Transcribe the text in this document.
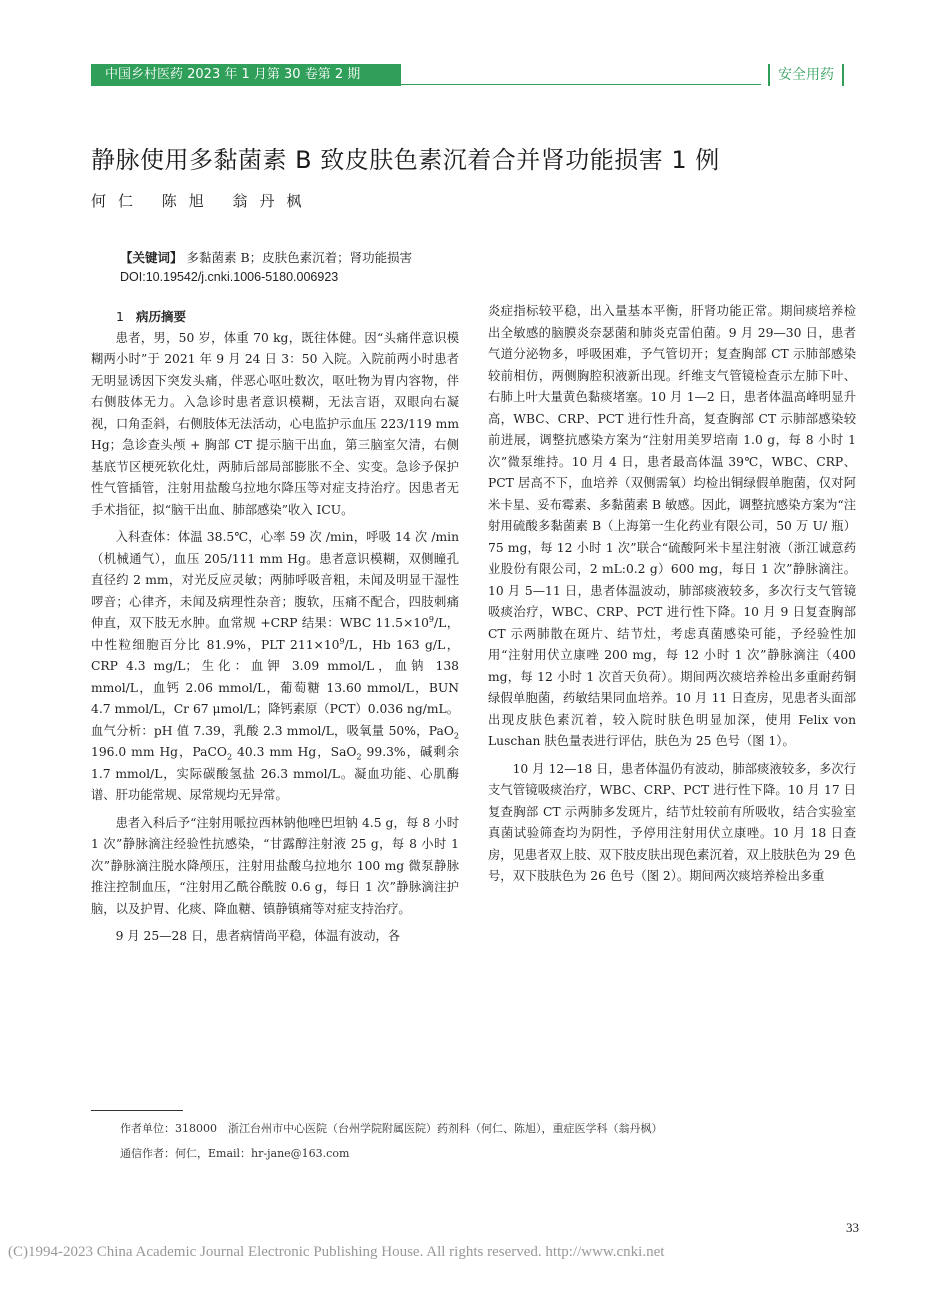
中国乡村医药 2023 年 1 月第 30 卷第 2 期	安全用药
静脉使用多黏菌素 B 致皮肤色素沉着合并肾功能损害 1 例
何仁 陈旭 翁丹枫
【关键词】 多黏菌素 B；皮肤色素沉着；肾功能损害
DOI:10.19542/j.cnki.1006-5180.006923

1 病历摘要

患者，男，50 岁，体重 70 kg，既往体健。因“头痛伴意识模糊两小时”于 2021 年 9 月 24 日 3：50 入院。入院前两小时患者无明显诱因下突发头痛，伴恶心呕吐数次，呕吐物为胃内容物，伴右侧肢体无力。入急诊时患者意识模糊，无法言语，双眼向右凝视，口角歪斜，右侧肢体无法活动，心电监护示血压 223/119 mm Hg；急诊查头颅 + 胸部 CT 提示脑干出血，第三脑室欠清，右侧基底节区梗死软化灶，两肺后部局部膨胀不全、实变。急诊予保护性气管插管，注射用盐酸乌拉地尔降压等对症支持治疗。因患者无手术指征，拟“脑干出血、肺部感染”收入 ICU。

入科查体：体温 38.5℃，心率 59 次 /min，呼吸 14 次 /min（机械通气），血压 205/111 mm Hg。患者意识模糊，双侧瞳孔直径约 2 mm，对光反应灵敏；两肺呼吸音粗，未闻及明显干湿性啰音；心律齐，未闻及病理性杂音；腹软，压痛不配合，四肢刺痛伸直，双下肢无水肿。血常规 +CRP 结果：WBC $11.5\times 10^9/L$，中性粒细胞百分比 81.9%，PLT $211\times 10^9/L$，Hb 163 g/L，CRP 4.3 mg/L；生化：血钾 3.09 mmol/L，血钠 138 mmol/L，血钙 2.06 mmol/L，葡萄糖 13.60 mmol/L，BUN 4.7 mmol/L，Cr 67 μmol/L；降钙素原（PCT）0.036 ng/mL。血气分析：pH 值 7.39，乳酸 2.3 mmol/L，吸氧量 50%，PaO$_2$ 196.0 mm Hg，PaCO$_2$ 40.3 mm Hg，SaO$_2$ 99.3%，碱剩余 1.7 mmol/L，实际碳酸氢盐 26.3 mmol/L。凝血功能、心肌酶谱、肝功能常规、尿常规均无异常。

患者入科后予“注射用哌拉西林钠他唑巴坦钠 4.5 g，每 8 小时 1 次”静脉滴注经验性抗感染，“甘露醇注射液 25 g，每 8 小时 1 次”静脉滴注脱水降颅压，注射用盐酸乌拉地尔 100 mg 微泵静脉推注控制血压，“注射用乙酰谷酰胺 0.6 g，每日 1 次”静脉滴注护脑，以及护胃、化痰、降血糖、镇静镇痛等对症支持治疗。

9 月 25—28 日，患者病情尚平稳，体温有波动，各

炎症指标较平稳，出入量基本平衡，肝肾功能正常。期间痰培养检出全敏感的脑膜炎奈瑟菌和肺炎克雷伯菌。9 月 29—30 日，患者气道分泌物多，呼吸困难，予气管切开；复查胸部 CT 示肺部感染较前相仿，两侧胸腔积液新出现。纤维支气管镜检查示左肺下叶、右肺上叶大量黄色黏痰堵塞。10 月 1—2 日，患者体温高峰明显升高，WBC、CRP、PCT 进行性升高，复查胸部 CT 示肺部感染较前进展，调整抗感染方案为“注射用美罗培南 1.0 g，每 8 小时 1 次”微泵维持。10 月 4 日，患者最高体温 39℃，WBC、CRP、PCT 居高不下，血培养（双侧需氧）均检出铜绿假单胞菌，仅对阿米卡星、妥布霉素、多黏菌素 B 敏感。因此，调整抗感染方案为“注射用硫酸多黏菌素 B（上海第一生化药业有限公司，50 万 U/ 瓶）75 mg，每 12 小时 1 次”联合“硫酸阿米卡星注射液（浙江诚意药业股份有限公司，2 mL:0.2 g）600 mg，每日 1 次”静脉滴注。10 月 5—11 日，患者体温波动，肺部痰液较多，多次行支气管镜吸痰治疗，WBC、CRP、PCT 进行性下降。10 月 9 日复查胸部 CT 示两肺散在斑片、结节灶，考虑真菌感染可能，予经验性加用“注射用伏立康唑 200 mg，每 12 小时 1 次”静脉滴注（400 mg，每 12 小时 1 次首天负荷）。期间两次痰培养检出多重耐药铜绿假单胞菌，药敏结果同血培养。10 月 11 日查房，见患者头面部出现皮肤色素沉着，较入院时肤色明显加深，使用 Felix von Luschan 肤色量表进行评估，肤色为 25 色号（图 1）。

10 月 12—18 日，患者体温仍有波动，肺部痰液较多，多次行支气管镜吸痰治疗，WBC、CRP、PCT 进行性下降。10 月 17 日复查胸部 CT 示两肺多发斑片，结节灶较前有所吸收，结合实验室真菌试验筛查均为阴性，予停用注射用伏立康唑。10 月 18 日查房，见患者双上肢、双下肢皮肤出现色素沉着，双上肢肤色为 29 色号，双下肢肤色为 26 色号（图 2）。期间两次痰培养检出多重

作者单位：318000　浙江台州市中心医院（台州学院附属医院）药剂科（何仁、陈旭），重症医学科（翁丹枫）
通信作者：何仁，Email：hr-jane@163.com
33
(C)1994-2023 China Academic Journal Electronic Publishing House. All rights reserved. http://www.cnki.net
